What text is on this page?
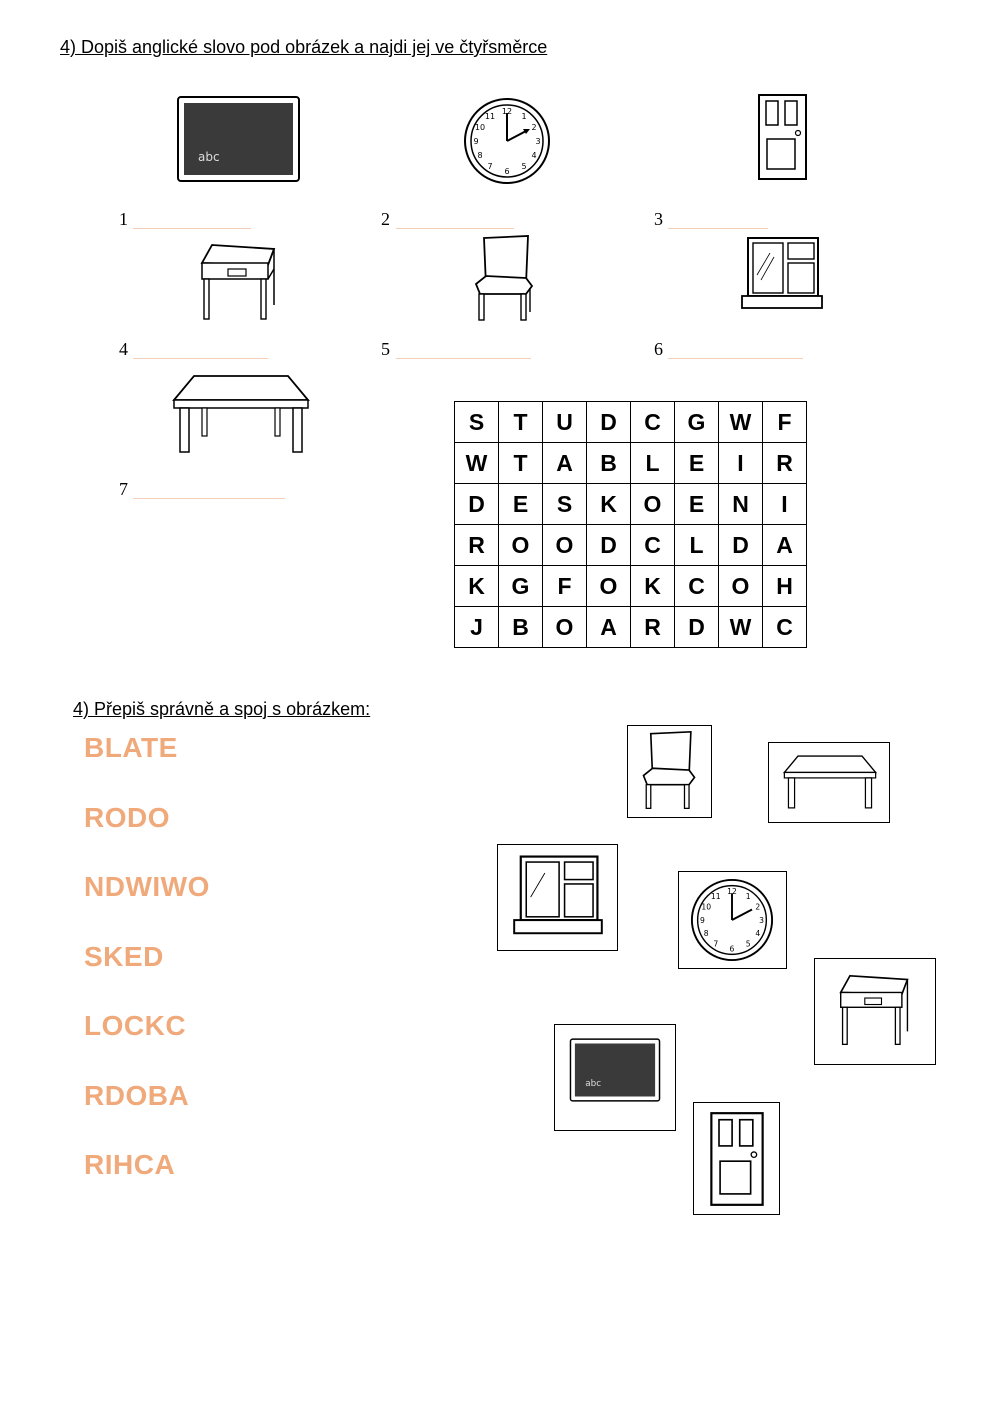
4) Dopiš anglické slovo pod obrázek a najdi jej ve čtyřsměrce
abc
12
1
2
3
4
5
6
7
8
9
10
11
1	2	3
4	5	6
7
S	T	U	D	C	G	W	F
W	T	A	B	L	E	I	R
D	E	S	K	O	E	N	I
R	O	O	D	C	L	D	A
K	G	F	O	K	C	O	H
J	B	O	A	R	D	W	C
4) Přepiš správně a spoj s obrázkem:
BLATE
RODO
NDWIWO
SKED
LOCKC
RDOBA
RIHCA
12
1
2
3
4
5
6
7
8
9
10
11
abc
